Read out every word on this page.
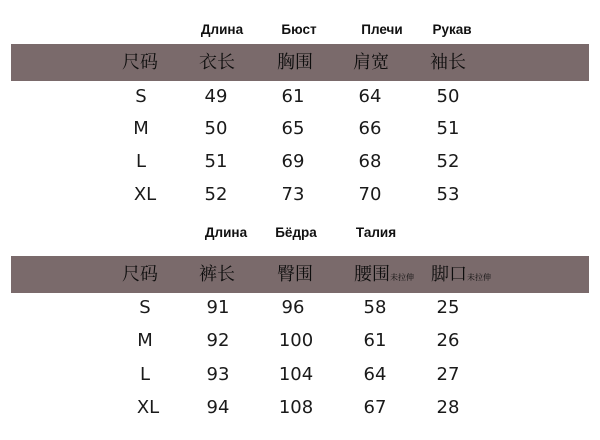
Длина	Бюст	Плечи Рукав
尺码 衣长 胸围 肩宽 袖长
S	49	61	64	50
M	50	65	66	51
L	51	69	68	52
XL	52	73	70	53
Длина Бёдра	Талия
尺码 裤长 臀围 腰围未拉伸 脚口未拉伸
S	91	96	58	25
M	92	100	61	26
L	93	104	64	27
XL	94	108	67	28
